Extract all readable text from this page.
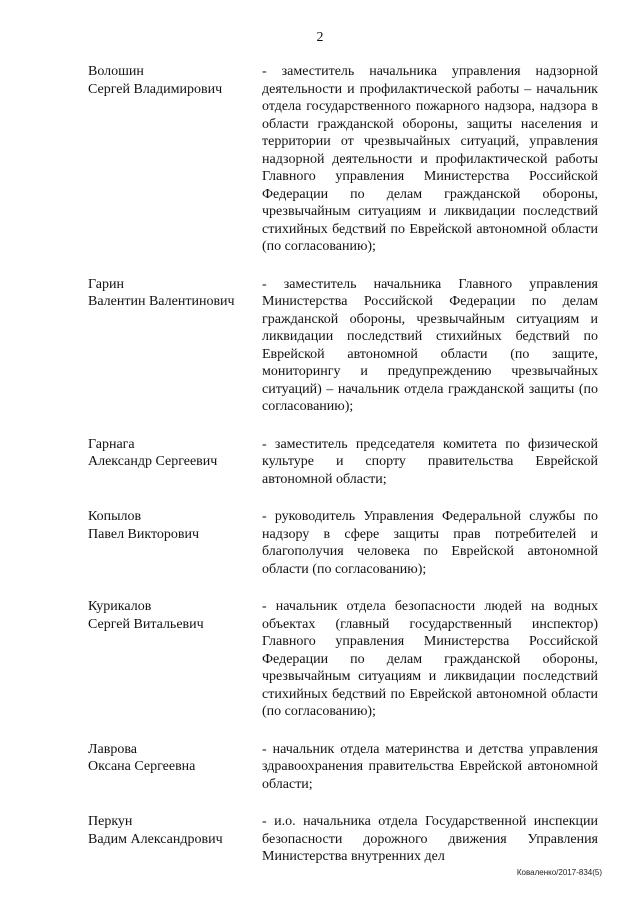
2
Волошин
Сергей Владимирович
- заместитель начальника управления надзорной деятельности и профилактической работы – начальник отдела государственного пожарного надзора, надзора в области гражданской обороны, защиты населения и территории от чрезвычайных ситуаций, управления надзорной деятельности и профилактической работы Главного управления Министерства Российской Федерации по делам гражданской обороны, чрезвычайным ситуациям и ликвидации последствий стихийных бедствий по Еврейской автономной области (по согласованию);
Гарин
Валентин Валентинович
- заместитель начальника Главного управления Министерства Российской Федерации по делам гражданской обороны, чрезвычайным ситуациям и ликвидации последствий стихийных бедствий по Еврейской автономной области (по защите, мониторингу и предупреждению чрезвычайных ситуаций) – начальник отдела гражданской защиты (по согласованию);
Гарнага
Александр Сергеевич
- заместитель председателя комитета по физической культуре и спорту правительства Еврейской автономной области;
Копылов
Павел Викторович
- руководитель Управления Федеральной службы по надзору в сфере защиты прав потребителей и благополучия человека по Еврейской автономной области (по согласованию);
Курикалов
Сергей Витальевич
- начальник отдела безопасности людей на водных объектах (главный государственный инспектор) Главного управления Министерства Российской Федерации по делам гражданской обороны, чрезвычайным ситуациям и ликвидации последствий стихийных бедствий по Еврейской автономной области (по согласованию);
Лаврова
Оксана Сергеевна
- начальник отдела материнства и детства управления здравоохранения правительства Еврейской автономной области;
Перкун
Вадим Александрович
- и.о. начальника отдела Государственной инспекции безопасности дорожного движения Управления Министерства внутренних дел
Коваленко/2017-834(5)
